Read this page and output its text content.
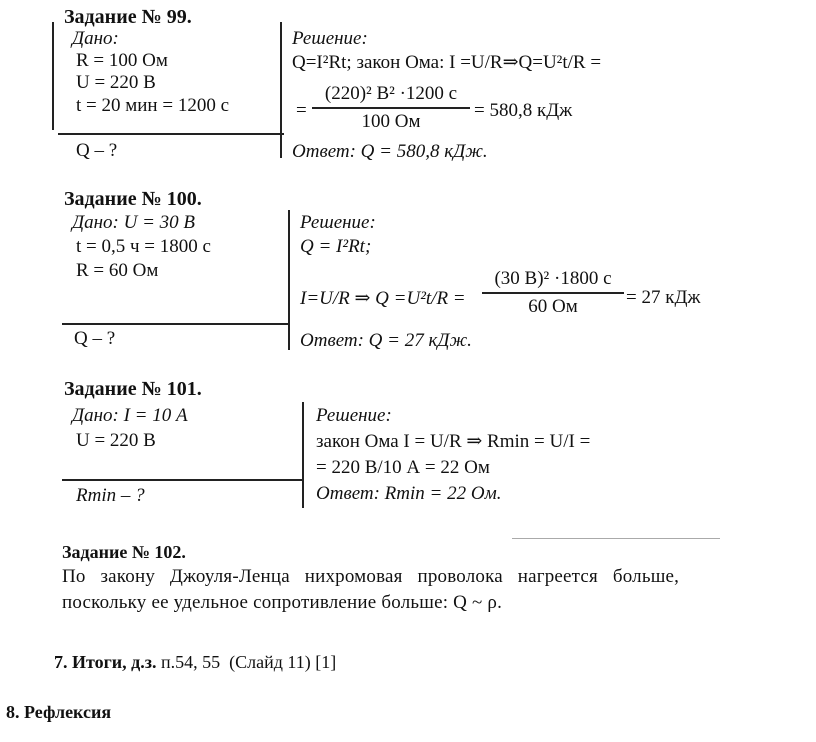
Задание № 99.
Дано:
R = 100 Ом
U = 220 В
t = 20 мин = 1200 с
Q – ?
Решение:
Q=I²Rt; закон Ома: I =U/R⇒Q=U²t/R =
=
(220)² В² ·1200 с
100 Ом
= 580,8 кДж
Ответ: Q = 580,8 кДж.
Задание № 100.
Дано: U = 30 В
t = 0,5 ч = 1800 с
R = 60 Ом
Q – ?
Решение:
Q = I²Rt;
I=U/R ⇒ Q =U²t/R =
(30 В)² ·1800 с
60 Ом	= 27 кДж
Ответ: Q = 27 кДж.
Задание № 101.
Дано: I = 10 А
U = 220 В
Rmin – ?
Решение:
закон Ома I = U/R ⇒ Rmin = U/I =
= 220 В/10 А = 22 Ом
Ответ: Rmin = 22 Ом.
Задание № 102.
По   закону   Джоуля-Ленца   нихромовая   проволока   нагреется   больше,
поскольку ее удельное сопротивление больше: Q ~ ρ.
7. Итоги, д.з. п.54, 55  (Слайд 11) [1]
8. Рефлексия
